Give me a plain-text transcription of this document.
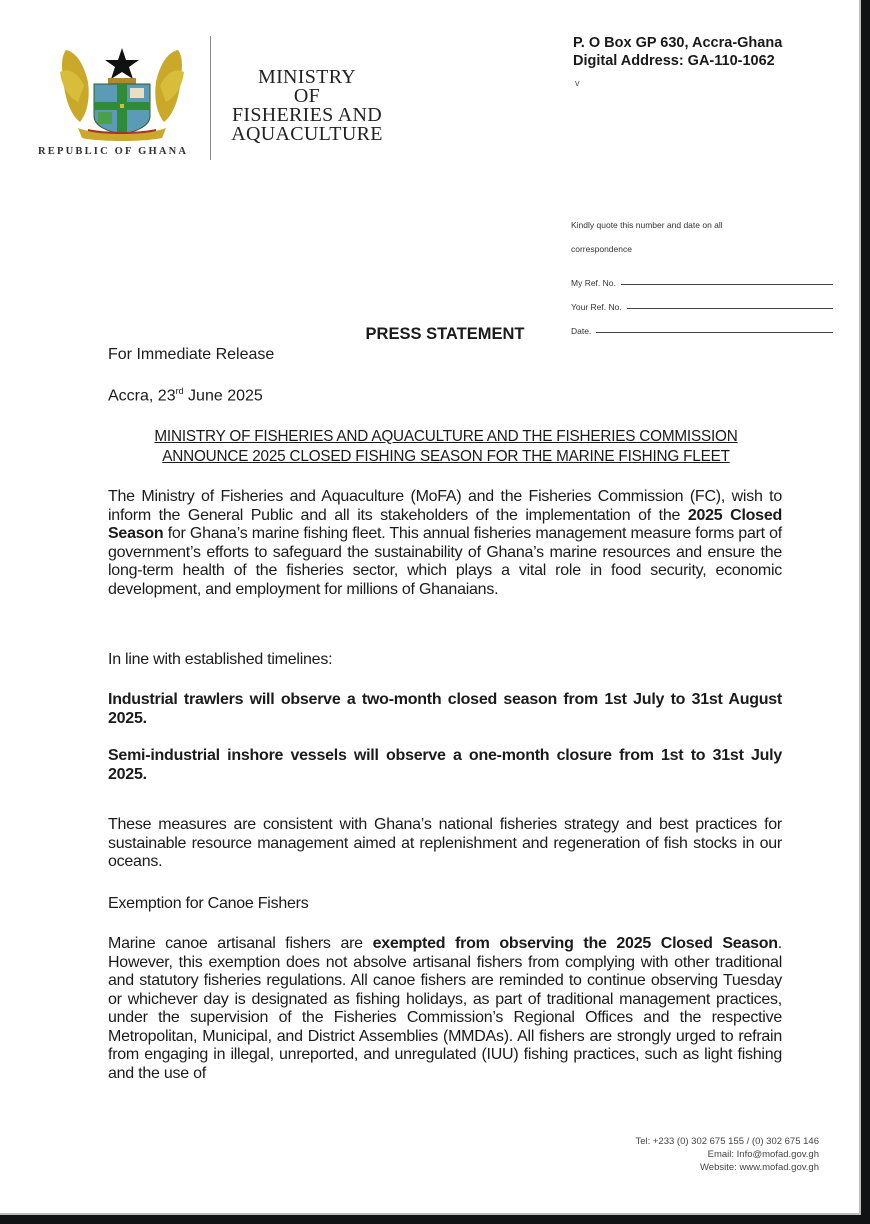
REPUBLIC OF GHANA
MINISTRY
OF
FISHERIES AND
AQUACULTURE
P. O Box GP 630, Accra-Ghana
Digital Address: GA-110-1062
v
Kindly quote this number and date on all
correspondence
My Ref. No.
Your Ref. No.
Date.
PRESS STATEMENT
For Immediate Release
Accra, 23rd June 2025
MINISTRY OF FISHERIES AND AQUACULTURE AND THE FISHERIES COMMISSION
ANNOUNCE 2025 CLOSED FISHING SEASON FOR THE MARINE FISHING FLEET
The Ministry of Fisheries and Aquaculture (MoFA) and the Fisheries Commission (FC), wish to inform the General Public and all its stakeholders of the implementation of the 2025 Closed Season for Ghana’s marine fishing fleet. This annual fisheries management measure forms part of government’s efforts to safeguard the sustainability of Ghana’s marine resources and ensure the long-term health of the fisheries sector, which plays a vital role in food security, economic development, and employment for millions of Ghanaians.
In line with established timelines:
Industrial trawlers will observe a two-month closed season from 1st July to 31st August 2025.
Semi-industrial inshore vessels will observe a one-month closure from 1st to 31st July 2025.
These measures are consistent with Ghana’s national fisheries strategy and best practices for sustainable resource management aimed at replenishment and regeneration of fish stocks in our oceans.
Exemption for Canoe Fishers
Marine canoe artisanal fishers are exempted from observing the 2025 Closed Season. However, this exemption does not absolve artisanal fishers from complying with other traditional and statutory fisheries regulations. All canoe fishers are reminded to continue observing Tuesday or whichever day is designated as fishing holidays, as part of traditional management practices, under the supervision of the Fisheries Commission’s Regional Offices and the respective Metropolitan, Municipal, and District Assemblies (MMDAs). All fishers are strongly urged to refrain from engaging in illegal, unreported, and unregulated (IUU) fishing practices, such as light fishing and the use of
Tel: +233 (0) 302 675 155 / (0) 302 675 146
Email: Info@mofad.gov.gh
Website: www.mofad.gov.gh
